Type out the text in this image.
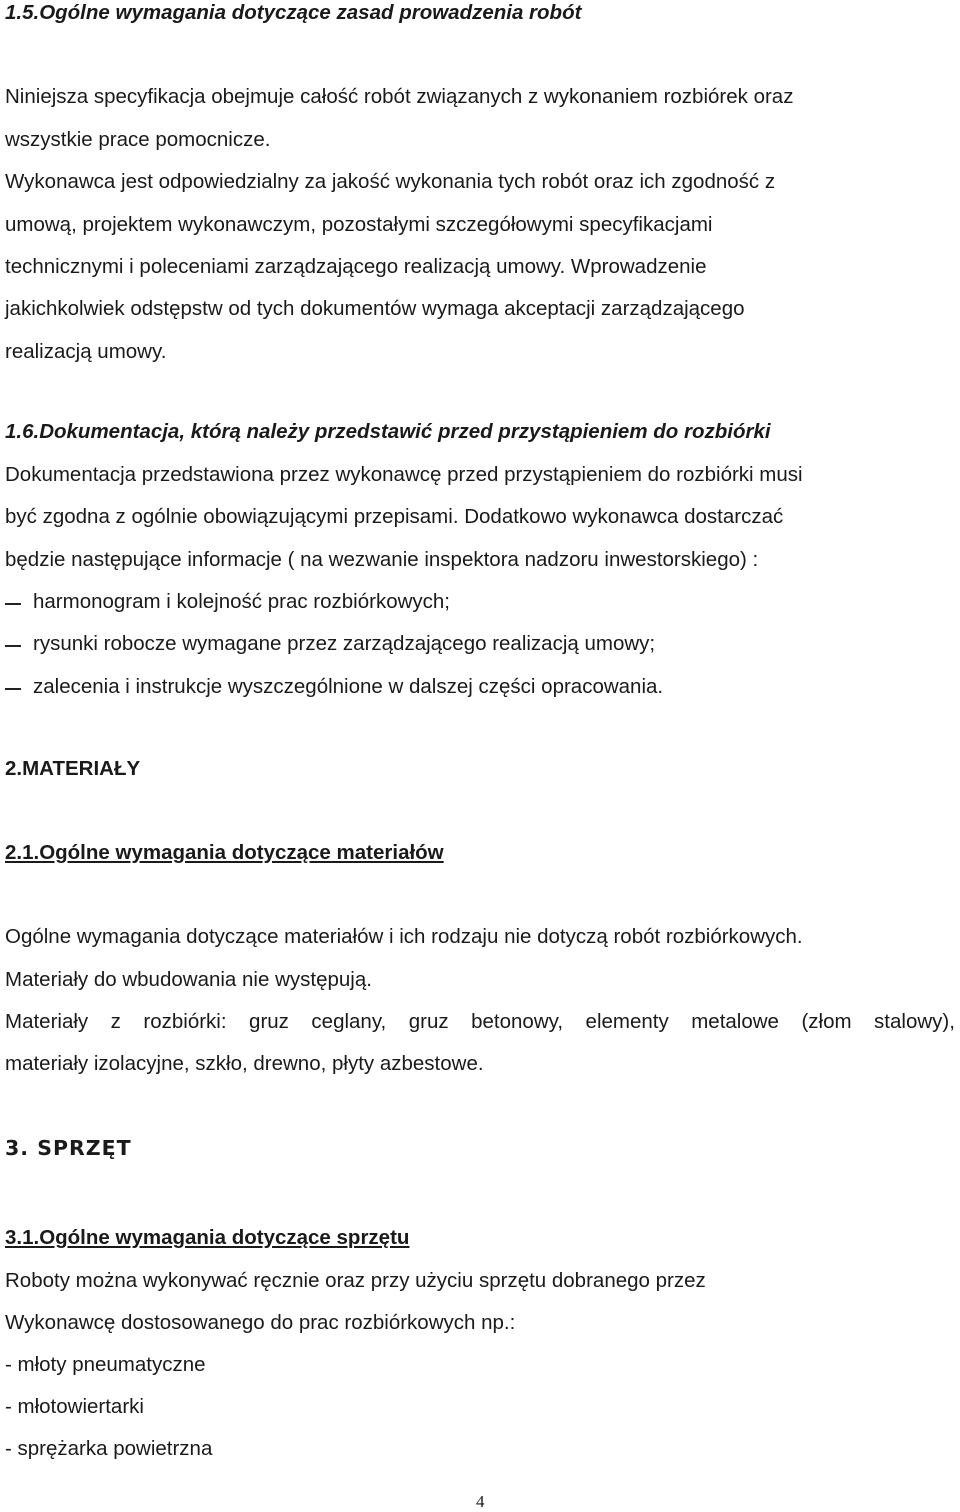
1.5.Ogólne wymagania dotyczące zasad prowadzenia robót
Niniejsza specyfikacja obejmuje całość robót związanych z wykonaniem rozbiórek oraz
wszystkie prace pomocnicze.
Wykonawca jest odpowiedzialny za jakość wykonania tych robót oraz ich zgodność z
umową, projektem wykonawczym, pozostałymi szczegółowymi specyfikacjami
technicznymi i poleceniami zarządzającego realizacją umowy. Wprowadzenie
jakichkolwiek odstępstw od tych dokumentów wymaga akceptacji zarządzającego
realizacją umowy.
1.6.Dokumentacja, którą należy przedstawić przed przystąpieniem do rozbiórki
Dokumentacja przedstawiona przez wykonawcę przed przystąpieniem do rozbiórki musi
być zgodna z ogólnie obowiązującymi przepisami. Dodatkowo wykonawca dostarczać
będzie następujące informacje ( na wezwanie inspektora nadzoru inwestorskiego) :
harmonogram i kolejność prac rozbiórkowych;
rysunki robocze wymagane przez zarządzającego realizacją umowy;
zalecenia i instrukcje wyszczególnione w dalszej części opracowania.
2.MATERIAŁY
2.1.Ogólne wymagania dotyczące materiałów
Ogólne wymagania dotyczące materiałów i ich rodzaju nie dotyczą robót rozbiórkowych.
Materiały do wbudowania nie występują.
Materiały z rozbiórki: gruz ceglany, gruz betonowy, elementy metalowe (złom stalowy),
materiały izolacyjne, szkło, drewno, płyty azbestowe.
3. SPRZĘT
3.1.Ogólne wymagania dotyczące sprzętu
Roboty można wykonywać ręcznie oraz przy użyciu sprzętu dobranego przez
Wykonawcę dostosowanego do prac rozbiórkowych np.:
- młoty pneumatyczne
- młotowiertarki
- sprężarka powietrzna
4
